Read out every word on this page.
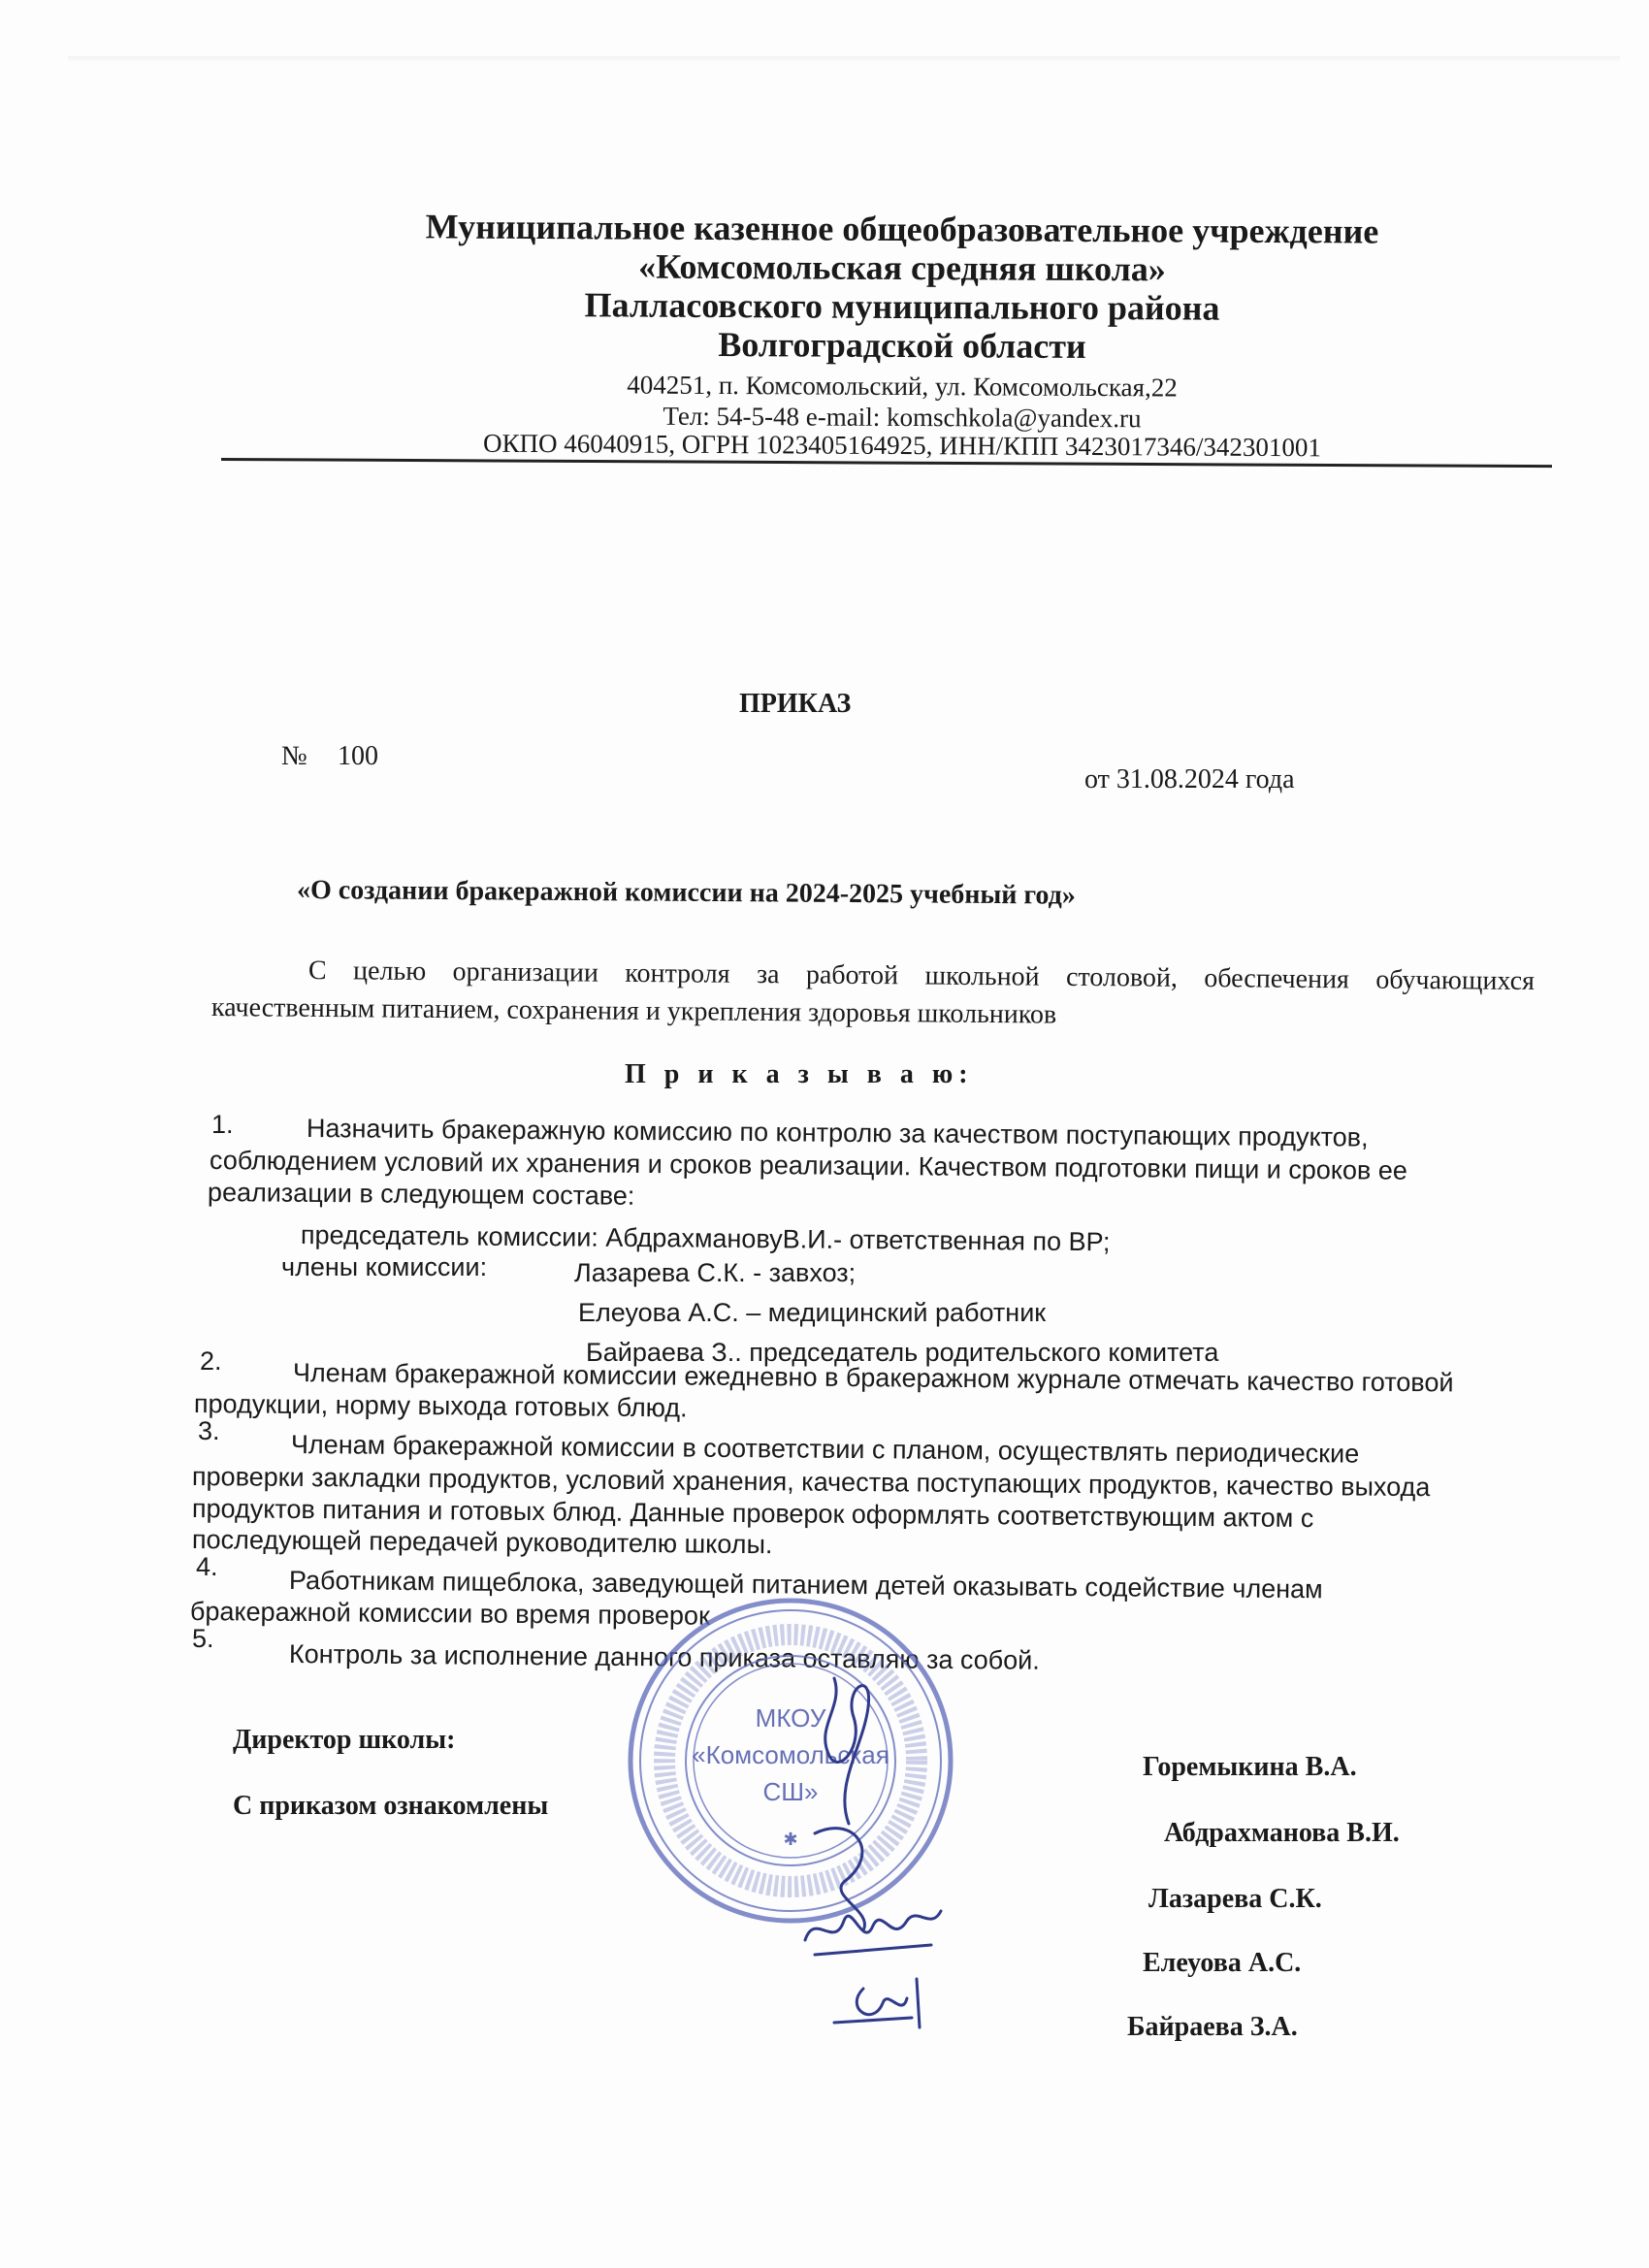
Муниципальное казенное общеобразовательное учреждение
«Комсомольская средняя школа»
Палласовского муниципального района
Волгоградской области
404251, п. Комсомольский, ул. Комсомольская,22
Тел: 54-5-48 e-mail: komschkola@yandex.ru
ОКПО 46040915, ОГРН 1023405164925, ИНН/КПП 3423017346/342301001
ПРИКАЗ
№ 100
от 31.08.2024 года
«О создании бракеражной комиссии на 2024-2025 учебный год»
С целью организации контроля за работой школьной столовой, обеспечения обучающихся
качественным питанием, сохранения и укрепления здоровья школьников
П р и к а з ы в а ю:
1.	Назначить бракеражную комиссию по контролю за качеством поступающих продуктов,
соблюдением условий их хранения и сроков реализации. Качеством подготовки пищи и сроков ее
реализации в следующем составе:
председатель комиссии: АбдрахмановуВ.И.- ответственная по ВР;
члены комиссии:	Лазарева С.К. - завхоз;
Елеуова А.С. – медицинский работник
Байраева З.. председатель родительского комитета
2.	Членам бракеражной комиссии ежедневно в бракеражном журнале отмечать качество готовой
продукции, норму выхода готовых блюд.
3.	Членам бракеражной комиссии в соответствии с планом, осуществлять периодические
проверки закладки продуктов, условий хранения, качества поступающих продуктов, качество выхода
продуктов питания и готовых блюд. Данные проверок оформлять соответствующим актом с
последующей передачей руководителю школы.
4.	Работникам пищеблока, заведующей питанием детей оказывать содействие членам
бракеражной комиссии во время проверок
5.
Контроль за исполнение данного приказа оставляю за собой.
МКОУ
«Комсомольская
СШ»
✱
Директор школы:
С приказом ознакомлены
Горемыкина В.А.
Абдрахманова В.И.
Лазарева С.К.
Елеуова А.С.
Байраева З.А.
